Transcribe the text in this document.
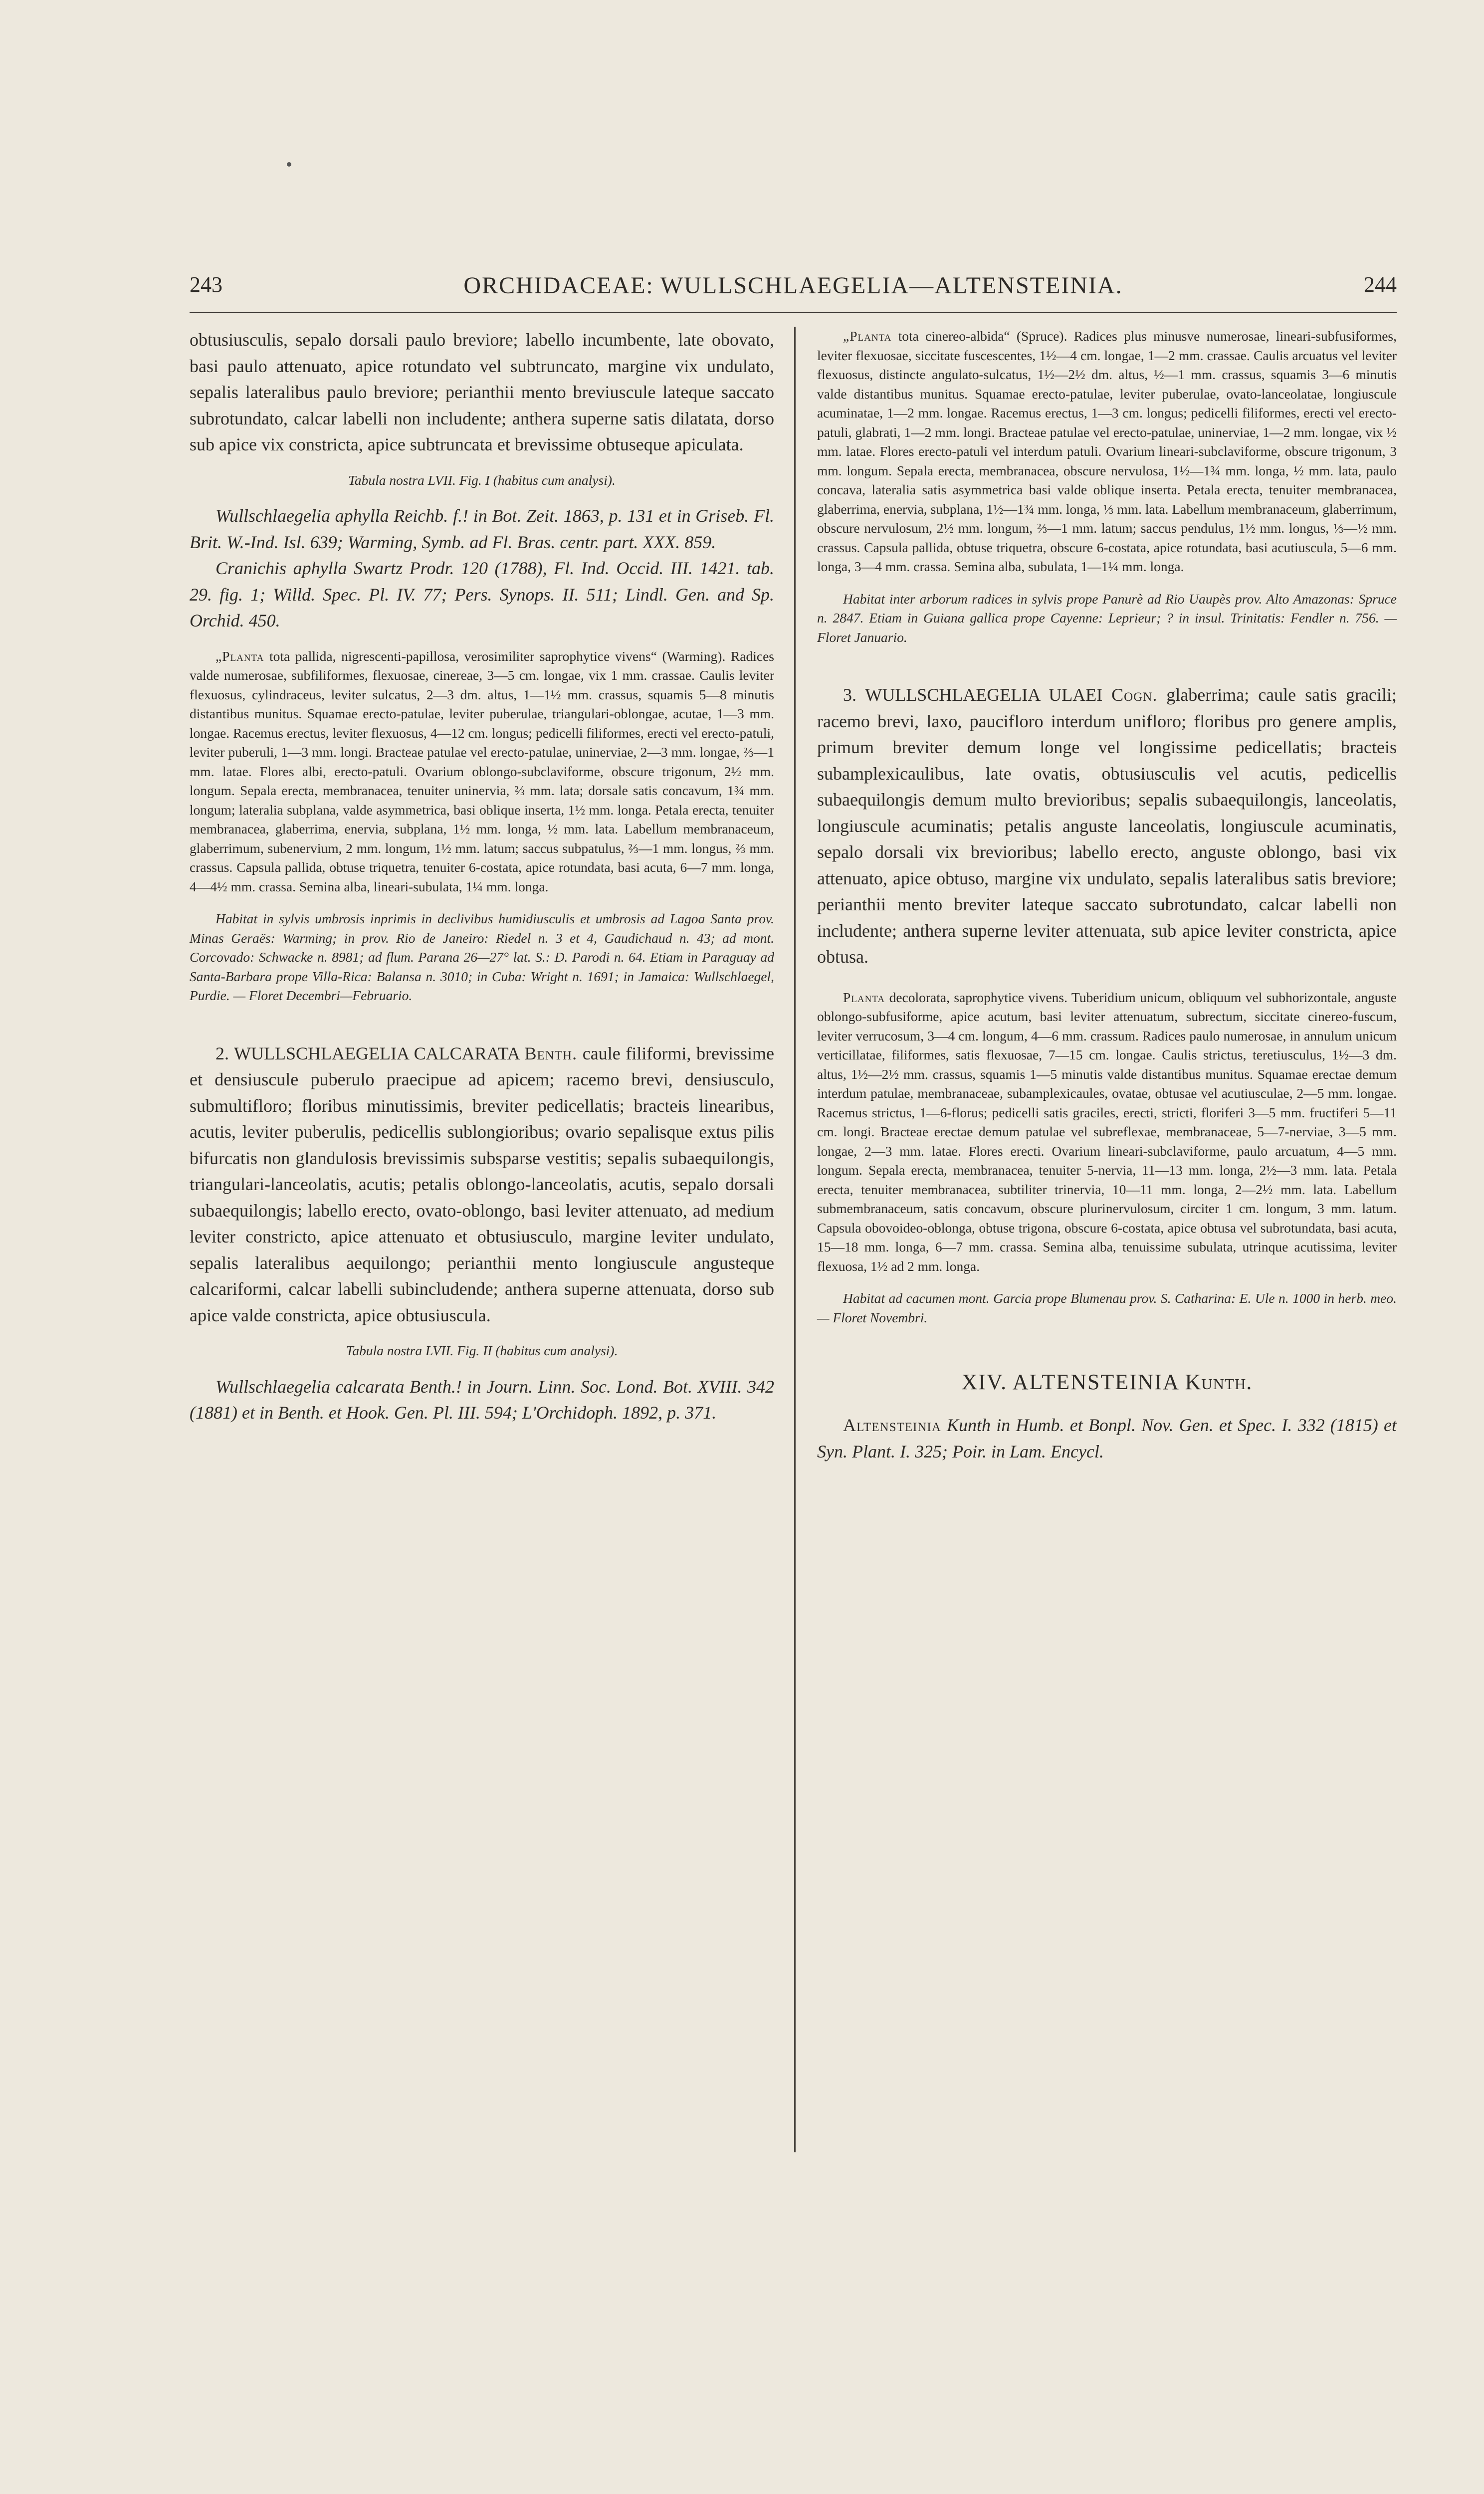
243	ORCHIDACEAE: WULLSCHLAEGELIA—ALTENSTEINIA.	244

obtusiusculis, sepalo dorsali paulo breviore; labello incumbente, late obovato, basi paulo attenuato, apice rotundato vel subtruncato, margine vix undulato, sepalis lateralibus paulo breviore; perianthii mento breviuscule lateque saccato subrotundato, calcar labelli non includente; anthera superne satis dilatata, dorso sub apice vix constricta, apice subtruncata et brevissime obtuseque apiculata.

Tabula nostra LVII. Fig. I (habitus cum analysi).

Wullschlaegelia aphylla Reichb. f.! in Bot. Zeit. 1863, p. 131 et in Griseb. Fl. Brit. W.-Ind. Isl. 639; Warming, Symb. ad Fl. Bras. centr. part. XXX. 859.

Cranichis aphylla Swartz Prodr. 120 (1788), Fl. Ind. Occid. III. 1421. tab. 29. fig. 1; Willd. Spec. Pl. IV. 77; Pers. Synops. II. 511; Lindl. Gen. and Sp. Orchid. 450.

„Planta tota pallida, nigrescenti-papillosa, verosimiliter saprophytice vivens“ (Warming). Radices valde numerosae, subfiliformes, flexuosae, cinereae, 3—5 cm. longae, vix 1 mm. crassae. Caulis leviter flexuosus, cylindraceus, leviter sulcatus, 2—3 dm. altus, 1—1½ mm. crassus, squamis 5—8 minutis distantibus munitus. Squamae erecto-patulae, leviter puberulae, triangulari-oblongae, acutae, 1—3 mm. longae. Racemus erectus, leviter flexuosus, 4—12 cm. longus; pedicelli filiformes, erecti vel erecto-patuli, leviter puberuli, 1—3 mm. longi. Bracteae patulae vel erecto-patulae, uninerviae, 2—3 mm. longae, ⅔—1 mm. latae. Flores albi, erecto-patuli. Ovarium oblongo-subclaviforme, obscure trigonum, 2½ mm. longum. Sepala erecta, membranacea, tenuiter uninervia, ⅔ mm. lata; dorsale satis concavum, 1¾ mm. longum; lateralia subplana, valde asymmetrica, basi oblique inserta, 1½ mm. longa. Petala erecta, tenuiter membranacea, glaberrima, enervia, subplana, 1½ mm. longa, ½ mm. lata. Labellum membranaceum, glaberrimum, subenervium, 2 mm. longum, 1½ mm. latum; saccus subpatulus, ⅔—1 mm. longus, ⅔ mm. crassus. Capsula pallida, obtuse triquetra, tenuiter 6-costata, apice rotundata, basi acuta, 6—7 mm. longa, 4—4½ mm. crassa. Semina alba, lineari-subulata, 1¼ mm. longa.

Habitat in sylvis umbrosis inprimis in declivibus humidiusculis et umbrosis ad Lagoa Santa prov. Minas Geraës: Warming; in prov. Rio de Janeiro: Riedel n. 3 et 4, Gaudichaud n. 43; ad mont. Corcovado: Schwacke n. 8981; ad flum. Parana 26—27° lat. S.: D. Parodi n. 64. Etiam in Paraguay ad Santa-Barbara prope Villa-Rica: Balansa n. 3010; in Cuba: Wright n. 1691; in Jamaica: Wullschlaegel, Purdie. — Floret Decembri—Februario.

2. WULLSCHLAEGELIA CALCARATA Benth. caule filiformi, brevissime et densiuscule puberulo praecipue ad apicem; racemo brevi, densiusculo, submultifloro; floribus minutissimis, breviter pedicellatis; bracteis linearibus, acutis, leviter puberulis, pedicellis sublongioribus; ovario sepalisque extus pilis bifurcatis non glandulosis brevissimis subsparse vestitis; sepalis subaequilongis, triangulari-lanceolatis, acutis; petalis oblongo-lanceolatis, acutis, sepalo dorsali subaequilongis; labello erecto, ovato-oblongo, basi leviter attenuato, ad medium leviter constricto, apice attenuato et obtusiusculo, margine leviter undulato, sepalis lateralibus aequilongo; perianthii mento longiuscule angusteque calcariformi, calcar labelli subincludende; anthera superne attenuata, dorso sub apice valde constricta, apice obtusiuscula.

Tabula nostra LVII. Fig. II (habitus cum analysi).

Wullschlaegelia calcarata Benth.! in Journ. Linn. Soc. Lond. Bot. XVIII. 342 (1881) et in Benth. et Hook. Gen. Pl. III. 594; L'Orchidoph. 1892, p. 371.

„Planta tota cinereo-albida“ (Spruce). Radices plus minusve numerosae, lineari-subfusiformes, leviter flexuosae, siccitate fuscescentes, 1½—4 cm. longae, 1—2 mm. crassae. Caulis arcuatus vel leviter flexuosus, distincte angulato-sulcatus, 1½—2½ dm. altus, ½—1 mm. crassus, squamis 3—6 minutis valde distantibus munitus. Squamae erecto-patulae, leviter puberulae, ovato-lanceolatae, longiuscule acuminatae, 1—2 mm. longae. Racemus erectus, 1—3 cm. longus; pedicelli filiformes, erecti vel erecto-patuli, glabrati, 1—2 mm. longi. Bracteae patulae vel erecto-patulae, uninerviae, 1—2 mm. longae, vix ½ mm. latae. Flores erecto-patuli vel interdum patuli. Ovarium lineari-subclaviforme, obscure trigonum, 3 mm. longum. Sepala erecta, membranacea, obscure nervulosa, 1½—1¾ mm. longa, ½ mm. lata, paulo concava, lateralia satis asymmetrica basi valde oblique inserta. Petala erecta, tenuiter membranacea, glaberrima, enervia, subplana, 1½—1¾ mm. longa, ⅓ mm. lata. Labellum membranaceum, glaberrimum, obscure nervulosum, 2½ mm. longum, ⅔—1 mm. latum; saccus pendulus, 1½ mm. longus, ⅓—½ mm. crassus. Capsula pallida, obtuse triquetra, obscure 6-costata, apice rotundata, basi acutiuscula, 5—6 mm. longa, 3—4 mm. crassa. Semina alba, subulata, 1—1¼ mm. longa.

Habitat inter arborum radices in sylvis prope Panurè ad Rio Uaupès prov. Alto Amazonas: Spruce n. 2847. Etiam in Guiana gallica prope Cayenne: Leprieur; ? in insul. Trinitatis: Fendler n. 756. — Floret Januario.

3. WULLSCHLAEGELIA ULAEI Cogn. glaberrima; caule satis gracili; racemo brevi, laxo, paucifloro interdum unifloro; floribus pro genere amplis, primum breviter demum longe vel longissime pedicellatis; bracteis subamplexicaulibus, late ovatis, obtusiusculis vel acutis, pedicellis subaequilongis demum multo brevioribus; sepalis subaequilongis, lanceolatis, longiuscule acuminatis; petalis anguste lanceolatis, longiuscule acuminatis, sepalo dorsali vix brevioribus; labello erecto, anguste oblongo, basi vix attenuato, apice obtuso, margine vix undulato, sepalis lateralibus satis breviore; perianthii mento breviter lateque saccato subrotundato, calcar labelli non includente; anthera superne leviter attenuata, sub apice leviter constricta, apice obtusa.

Planta decolorata, saprophytice vivens. Tuberidium unicum, obliquum vel subhorizontale, anguste oblongo-subfusiforme, apice acutum, basi leviter attenuatum, subrectum, siccitate cinereo-fuscum, leviter verrucosum, 3—4 cm. longum, 4—6 mm. crassum. Radices paulo numerosae, in annulum unicum verticillatae, filiformes, satis flexuosae, 7—15 cm. longae. Caulis strictus, teretiusculus, 1½—3 dm. altus, 1½—2½ mm. crassus, squamis 1—5 minutis valde distantibus munitus. Squamae erectae demum interdum patulae, membranaceae, subamplexicaules, ovatae, obtusae vel acutiusculae, 2—5 mm. longae. Racemus strictus, 1—6-florus; pedicelli satis graciles, erecti, stricti, floriferi 3—5 mm. fructiferi 5—11 cm. longi. Bracteae erectae demum patulae vel subreflexae, membranaceae, 5—7-nerviae, 3—5 mm. longae, 2—3 mm. latae. Flores erecti. Ovarium lineari-subclaviforme, paulo arcuatum, 4—5 mm. longum. Sepala erecta, membranacea, tenuiter 5-nervia, 11—13 mm. longa, 2½—3 mm. lata. Petala erecta, tenuiter membranacea, subtiliter trinervia, 10—11 mm. longa, 2—2½ mm. lata. Labellum submembranaceum, satis concavum, obscure plurinervulosum, circiter 1 cm. longum, 3 mm. latum. Capsula obovoideo-oblonga, obtuse trigona, obscure 6-costata, apice obtusa vel subrotundata, basi acuta, 15—18 mm. longa, 6—7 mm. crassa. Semina alba, tenuissime subulata, utrinque acutissima, leviter flexuosa, 1½ ad 2 mm. longa.

Habitat ad cacumen mont. Garcia prope Blumenau prov. S. Catharina: E. Ule n. 1000 in herb. meo. — Floret Novembri.

XIV. ALTENSTEINIA Kunth.

Altensteinia Kunth in Humb. et Bonpl. Nov. Gen. et Spec. I. 332 (1815) et Syn. Plant. I. 325; Poir. in Lam. Encycl.
